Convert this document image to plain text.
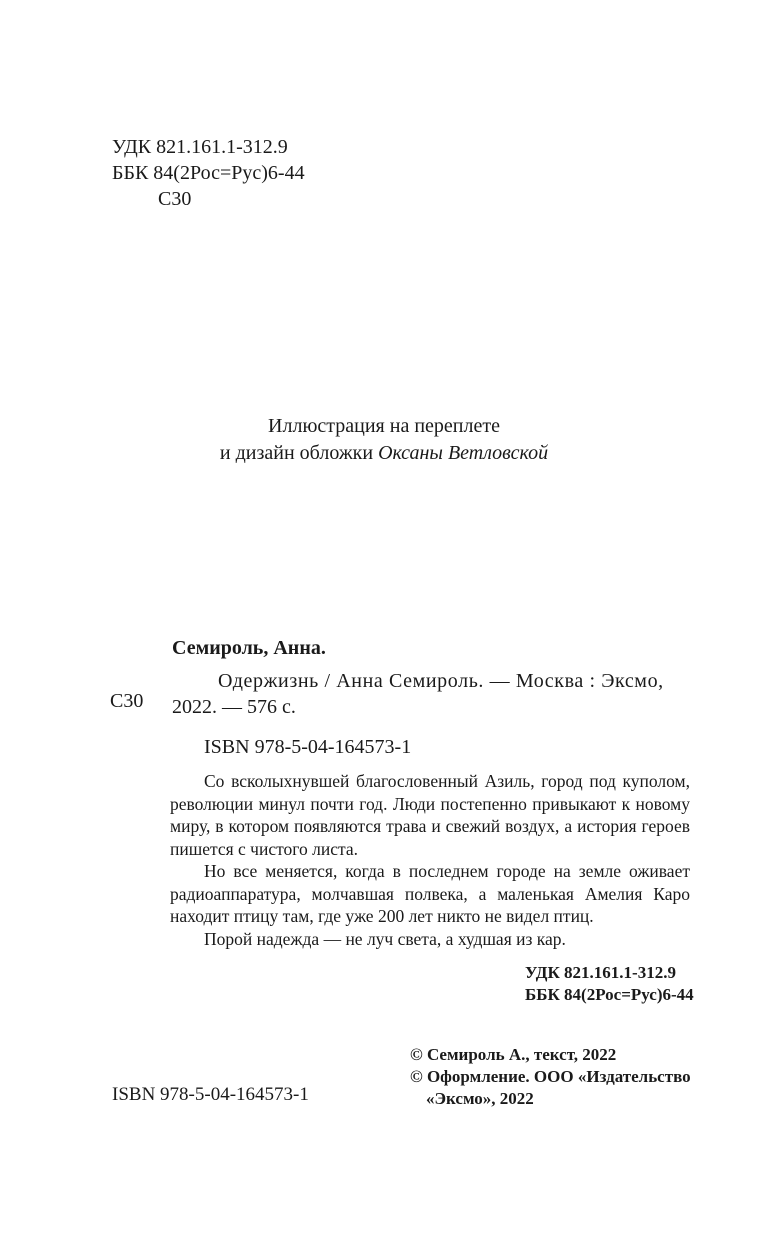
УДК 821.161.1-312.9
ББК 84(2Рос=Рус)6-44
С30
Иллюстрация на переплете
и дизайн обложки Оксаны Ветловской
Семироль, Анна.
С30
Одержизнь / Анна Семироль. — Москва : Эксмо,
2022. — 576 с.
ISBN 978-5-04-164573-1

Со всколыхнувшей благословенный Азиль, город под куполом, революции минул почти год. Люди постепенно привыкают к новому миру, в котором появляются трава и свежий воздух, а история героев пишется с чистого листа.

Но все меняется, когда в последнем городе на земле оживает радиоаппаратура, молчавшая полвека, а маленькая Амелия Каро находит птицу там, где уже 200 лет никто не видел птиц.

Порой надежда — не луч света, а худшая из кар.

УДК 821.161.1-312.9
ББК 84(2Рос=Рус)6-44
© Семироль А., текст, 2022
© Оформление. ООО «Издательство
«Эксмо», 2022
ISBN 978-5-04-164573-1
